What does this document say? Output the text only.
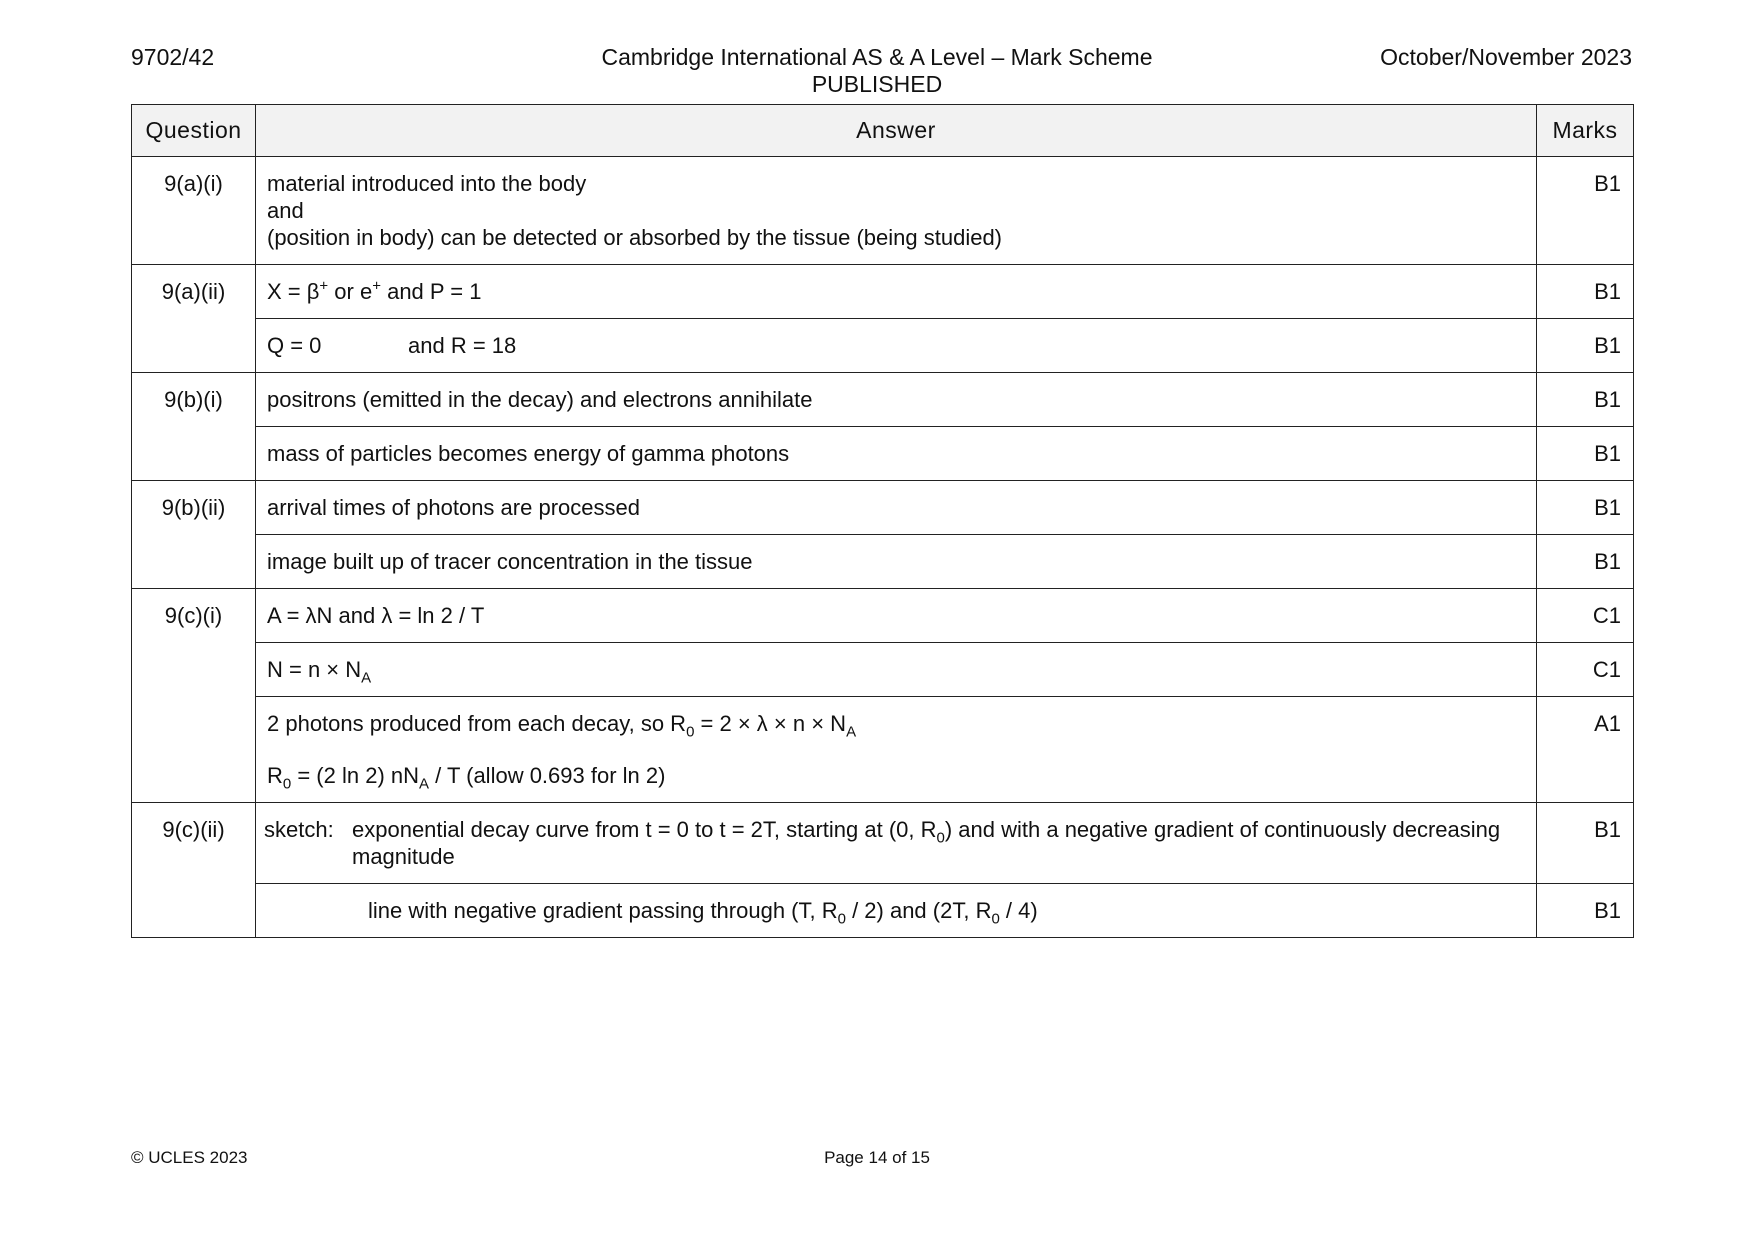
9702/42	Cambridge International AS & A Level – Mark Scheme
PUBLISHED
October/November 2023
Question	Answer	Marks
9(a)(i)	material introduced into the body
and
(position in body) can be detected or absorbed by the tissue (being studied)	B1
9(a)(ii)	X = β+ or e+ and P = 1	B1
	Q = 0 and R = 18	B1
9(b)(i)	positrons (emitted in the decay) and electrons annihilate	B1
	mass of particles becomes energy of gamma photons	B1
9(b)(ii)	arrival times of photons are processed	B1
	image built up of tracer concentration in the tissue	B1
9(c)(i)	A = λN and λ = ln 2 / T	C1
	$N = n \times N_A$	C1

	2 photons produced from each decay, so $R_0 = 2 \times \lambda \times n \times N_A$
$R_0 = (2$ ln 2) $nN_A$ / T (allow 0.693 for ln 2)	A1
9(c)(ii)	sketch: exponential decay curve from t = 0 to t = 2T, starting at (0, $R_0$) and with a negative gradient of continuously decreasing magnitude	B1
	line with negative gradient passing through (T, $R_0 / 2$) and (2T, $R_0 / 4$)	B1
© UCLES 2023	Page 14 of 15
